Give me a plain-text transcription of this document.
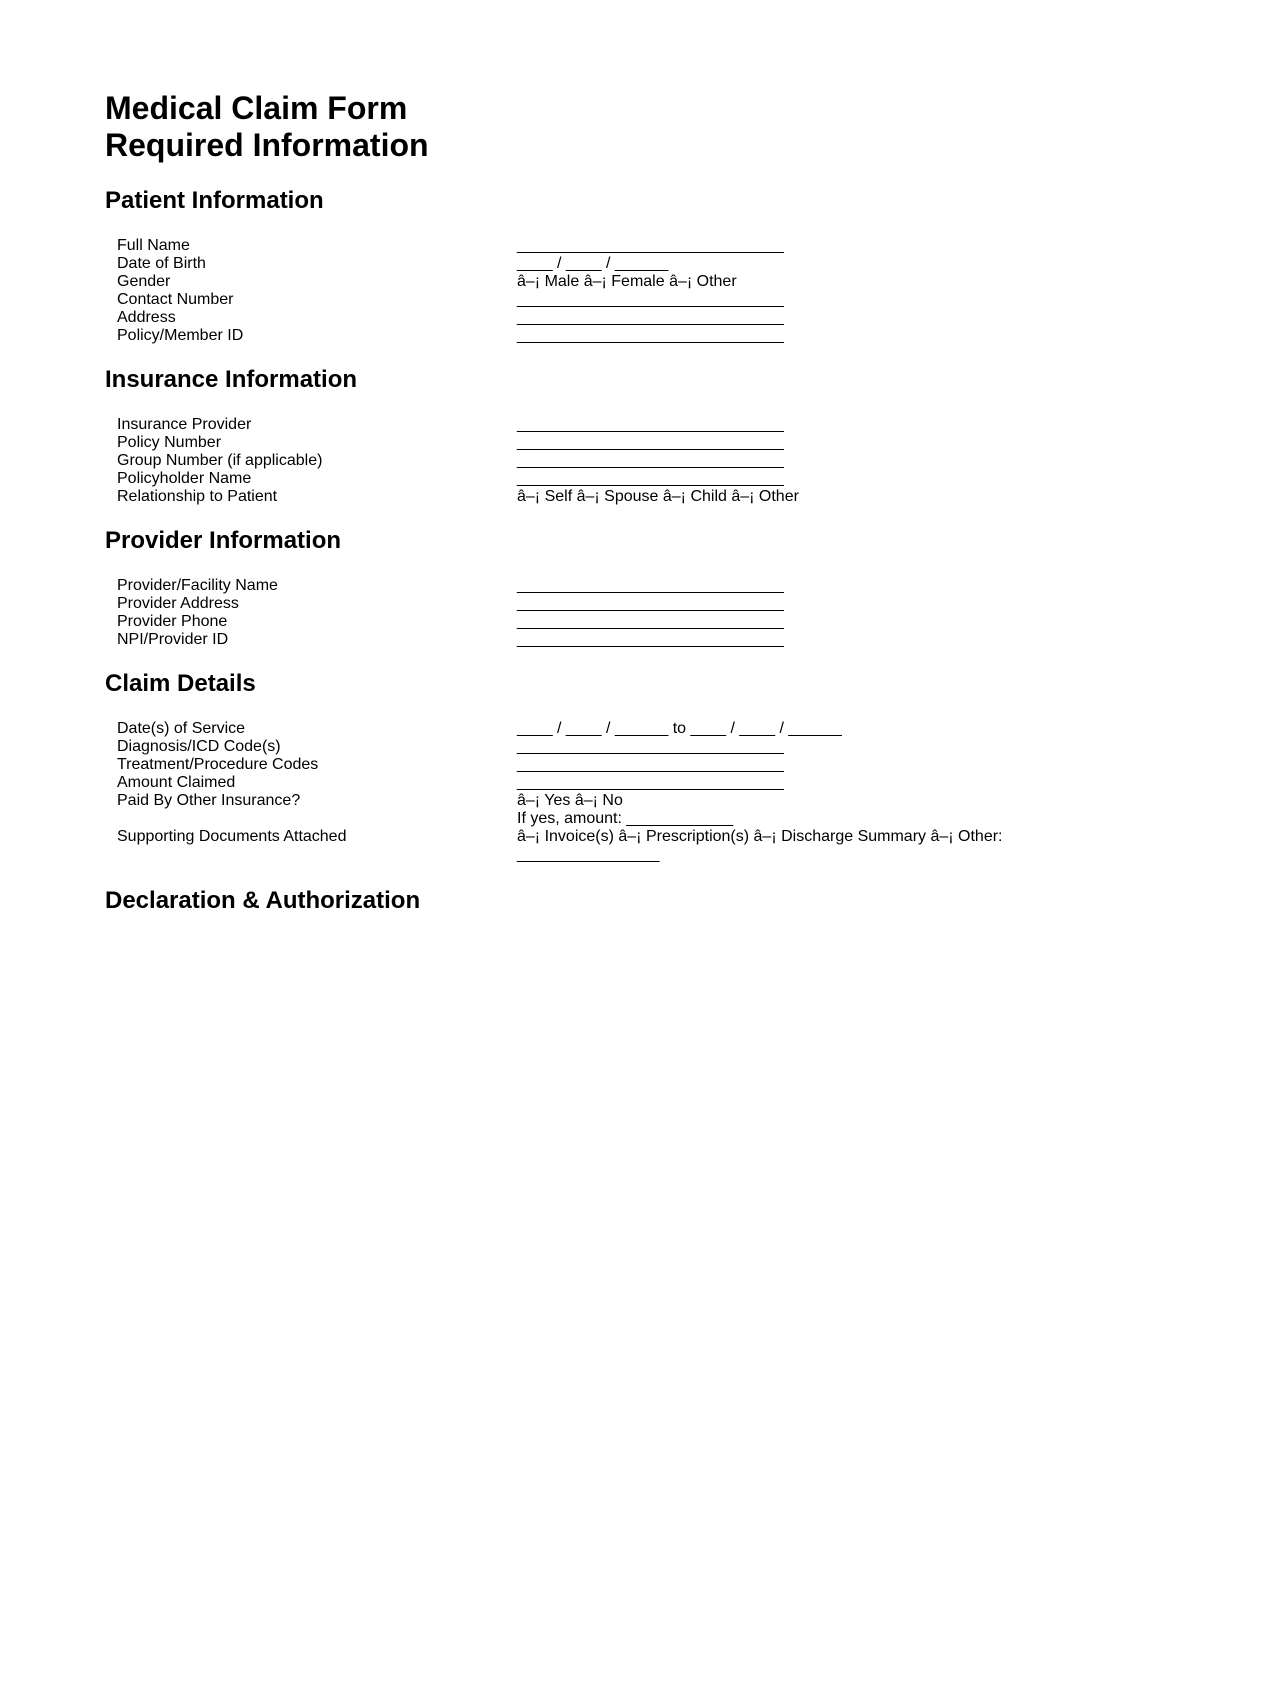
Medical Claim Form
Required Information
Patient Information
Full Name	______________________________
Date of Birth	____ / ____ / ______
Gender	â–¡ Male â–¡ Female â–¡ Other
Contact Number	______________________________
Address	______________________________
Policy/Member ID	______________________________
Insurance Information
Insurance Provider	______________________________
Policy Number	______________________________
Group Number (if applicable)	______________________________
Policyholder Name	______________________________
Relationship to Patient	â–¡ Self â–¡ Spouse â–¡ Child â–¡ Other
Provider Information
Provider/Facility Name	______________________________
Provider Address	______________________________
Provider Phone	______________________________
NPI/Provider ID	______________________________
Claim Details
Date(s) of Service	____ / ____ / ______ to ____ / ____ / ______
Diagnosis/ICD Code(s)	______________________________
Treatment/Procedure Codes	______________________________
Amount Claimed	______________________________
Paid By Other Insurance?	â–¡ Yes â–¡ No
If yes, amount: ____________
Supporting Documents Attached	â–¡ Invoice(s) â–¡ Prescription(s) â–¡ Discharge Summary â–¡ Other:
________________
Declaration & Authorization
